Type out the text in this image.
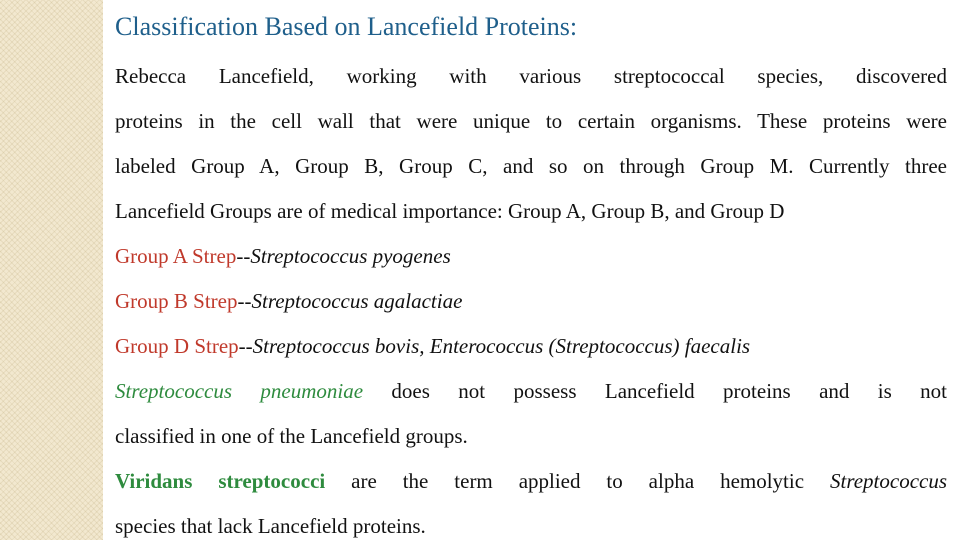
Classification Based on Lancefield Proteins:
Rebecca Lancefield, working with various streptococcal species, discovered
proteins in the cell wall that were unique to certain organisms. These proteins were
labeled Group A, Group B, Group C, and so on through Group M. Currently three
Lancefield Groups are of medical importance: Group A, Group B, and Group D
Group A Strep--Streptococcus pyogenes
Group B Strep--Streptococcus agalactiae
Group D Strep--Streptococcus bovis, Enterococcus (Streptococcus) faecalis
Streptococcus pneumoniae does not possess Lancefield proteins and is not
classified in one of the Lancefield groups.
Viridans streptococci are the term applied to alpha hemolytic Streptococcus
species that lack Lancefield proteins.
